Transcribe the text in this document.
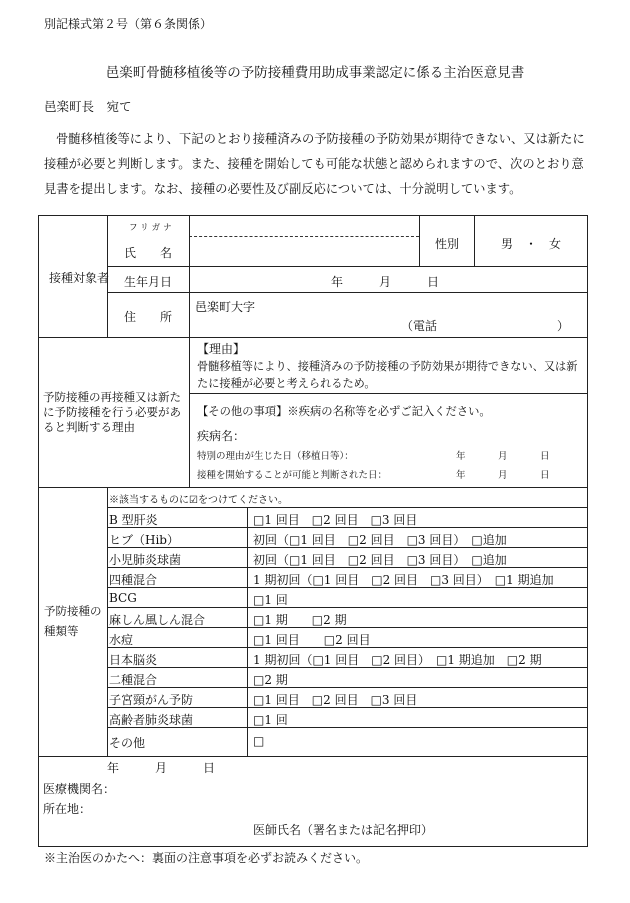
別記様式第２号（第６条関係）
邑楽町骨髄移植後等の予防接種費用助成事業認定に係る主治医意見書
邑楽町長　宛て
骨髄移植後等により、下記のとおり接種済みの予防接種の予防効果が期待できない、又は新たに接種が必要と判断します。また、接種を開始しても可能な状態と認められますので、次のとおり意見書を提出します。なお、接種の必要性及び副反応については、十分説明しています。
接種対象者
フリガナ
氏　　名
性別	男　・　女
生年月日	年　　　月　　　日
住　　所
邑楽町大字
（電話　　　　　　　　　　）
予防接種の再接種又は新たに予防接種を行う必要があると判断する理由
【理由】
骨髄移植等により、接種済みの予防接種の予防効果が期待できない、又は新たに接種が必要と考えられるため。
【その他の事項】※疾病の名称等を必ずご記入ください。
疾病名：
特別の理由が生じた日（移植日等）：	年　　　月　　　日
接種を開始することが可能と判断された日：	年　　　月　　　日
予防接種の種類等
※該当するものに☑をつけてください。
B 型肝炎	□1 回目　□2 回目　□3 回目
ヒブ（Hib）	初回（□1 回目　□2 回目　□3 回目）　□追加
小児肺炎球菌	初回（□1 回目　□2 回目　□3 回目）　□追加
四種混合	1 期初回（□1 回目　□2 回目　□3 回目）　□1 期追加
BCG	□1 回
麻しん風しん混合	□1 期　　□2 期
水痘	□1 回目　　□2 回目
日本脳炎	1 期初回（□1 回目　□2 回目）　□1 期追加　□2 期
二種混合	□2 期
子宮頸がん予防	□1 回目　□2 回目　□3 回目
高齢者肺炎球菌	□1 回
その他	□
年　　　月　　　日
医療機関名：
所在地：
医師氏名（署名または記名押印）
※主治医のかたへ：裏面の注意事項を必ずお読みください。
